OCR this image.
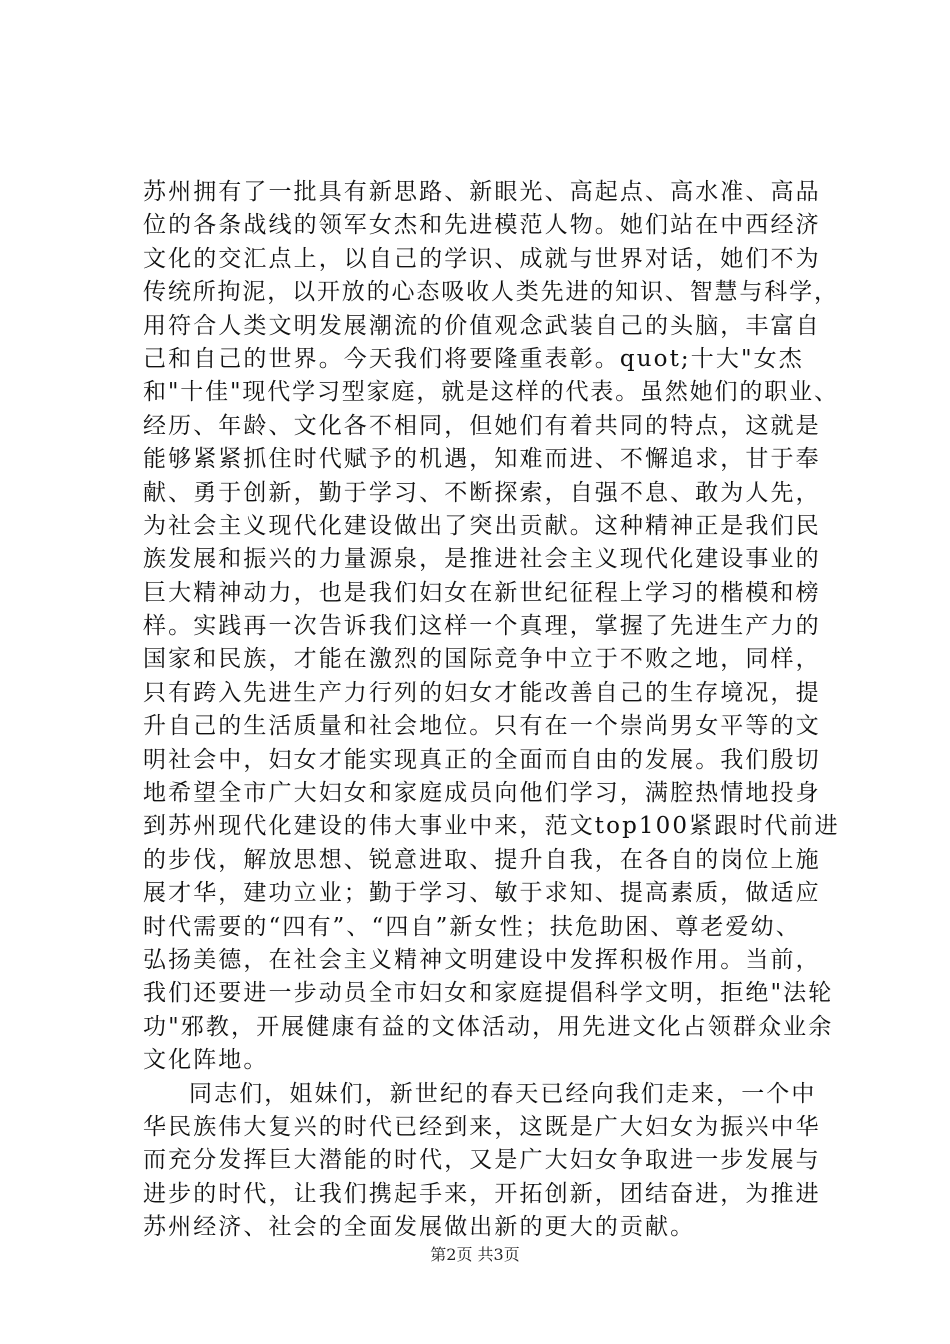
苏州拥有了一批具有新思路、新眼光、高起点、高水准、高品
位的各条战线的领军女杰和先进模范人物。她们站在中西经济
文化的交汇点上，以自己的学识、成就与世界对话，她们不为
传统所拘泥，以开放的心态吸收人类先进的知识、智慧与科学，
用符合人类文明发展潮流的价值观念武装自己的头脑，丰富自
己和自己的世界。今天我们将要隆重表彰。quot;十大"女杰
和"十佳"现代学习型家庭，就是这样的代表。虽然她们的职业、
经历、年龄、文化各不相同，但她们有着共同的特点，这就是
能够紧紧抓住时代赋予的机遇，知难而进、不懈追求，甘于奉
献、勇于创新，勤于学习、不断探索，自强不息、敢为人先，
为社会主义现代化建设做出了突出贡献。这种精神正是我们民
族发展和振兴的力量源泉，是推进社会主义现代化建设事业的
巨大精神动力，也是我们妇女在新世纪征程上学习的楷模和榜
样。实践再一次告诉我们这样一个真理，掌握了先进生产力的
国家和民族，才能在激烈的国际竞争中立于不败之地，同样，
只有跨入先进生产力行列的妇女才能改善自己的生存境况，提
升自己的生活质量和社会地位。只有在一个崇尚男女平等的文
明社会中，妇女才能实现真正的全面而自由的发展。我们殷切
地希望全市广大妇女和家庭成员向他们学习，满腔热情地投身
到苏州现代化建设的伟大事业中来，范文top100紧跟时代前进
的步伐，解放思想、锐意进取、提升自我，在各自的岗位上施
展才华，建功立业；勤于学习、敏于求知、提高素质，做适应
时代需要的“四有”、“四自”新女性；扶危助困、尊老爱幼、
弘扬美德，在社会主义精神文明建设中发挥积极作用。当前，
我们还要进一步动员全市妇女和家庭提倡科学文明，拒绝"法轮
功"邪教，开展健康有益的文体活动，用先进文化占领群众业余
文化阵地。
同志们，姐妹们，新世纪的春天已经向我们走来，一个中
华民族伟大复兴的时代已经到来，这既是广大妇女为振兴中华
而充分发挥巨大潜能的时代，又是广大妇女争取进一步发展与
进步的时代，让我们携起手来，开拓创新，团结奋进，为推进
苏州经济、社会的全面发展做出新的更大的贡献。
第2页 共3页
